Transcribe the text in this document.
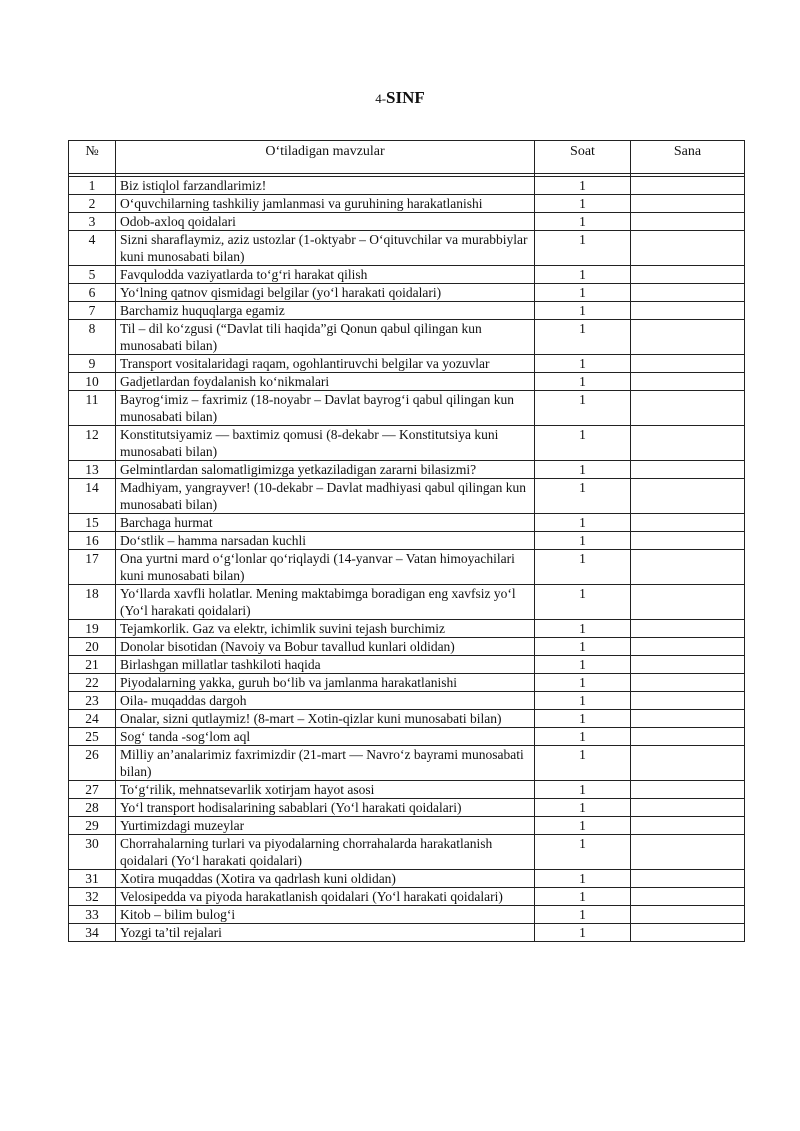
4-SINF
№	O‘tiladigan mavzular	Soat	Sana

1	Biz istiqlol farzandlarimiz!	1	
2	O‘quvchilarning tashkiliy jamlanmasi va guruhining harakatlanishi	1	
3	Odob-axloq qoidalari	1	
4	Sizni sharaflaymiz, aziz ustozlar (1-oktyabr – O‘qituvchilar va murabbiylar kuni munosabati bilan)	1	
5	Favqulodda vaziyatlarda to‘g‘ri harakat qilish	1	
6	Yo‘lning qatnov qismidagi belgilar (yo‘l harakati qoidalari)	1	
7	Barchamiz huquqlarga egamiz	1	
8	Til – dil ko‘zgusi (“Davlat tili haqida”gi Qonun qabul qilingan kun munosabati bilan)	1	
9	Transport vositalaridagi raqam, ogohlantiruvchi belgilar va yozuvlar	1	
10	Gadjetlardan foydalanish ko‘nikmalari	1	
11	Bayrog‘imiz – faxrimiz (18-noyabr – Davlat bayrog‘i qabul qilingan kun munosabati bilan)	1	
12	Konstitutsiyamiz — baxtimiz qomusi (8-dekabr — Konstitutsiya kuni munosabati bilan)	1	
13	Gelmintlardan salomatligimizga yetkaziladigan zararni bilasizmi?	1	
14	Madhiyam, yangrayver! (10-dekabr – Davlat madhiyasi qabul qilingan kun munosabati bilan)	1	
15	Barchaga hurmat	1	
16	Do‘stlik – hamma narsadan kuchli	1	
17	Ona yurtni mard o‘g‘lonlar qo‘riqlaydi (14-yanvar – Vatan himoyachilari kuni munosabati bilan)	1	
18	Yo‘llarda xavfli holatlar. Mening maktabimga boradigan eng xavfsiz yo‘l (Yo‘l harakati qoidalari)	1	
19	Tejamkorlik. Gaz va elektr, ichimlik suvini tejash burchimiz	1	
20	Donolar bisotidan (Navoiy va Bobur tavallud kunlari oldidan)	1	
21	Birlashgan millatlar tashkiloti haqida	1	
22	Piyodalarning yakka, guruh bo‘lib va jamlanma harakatlanishi	1	
23	Oila- muqaddas dargoh	1	
24	Onalar, sizni qutlaymiz! (8-mart – Xotin-qizlar kuni munosabati bilan)	1	
25	Sog‘ tanda -sog‘lom aql	1	
26	Milliy an’analarimiz faxrimizdir (21-mart — Navro‘z bayrami munosabati bilan)	1	
27	To‘g‘rilik, mehnatsevarlik xotirjam hayot asosi	1	
28	Yo‘l transport hodisalarining sabablari (Yo‘l harakati qoidalari)	1	
29	Yurtimizdagi muzeylar	1	
30	Chorrahalarning turlari va piyodalarning chorrahalarda harakatlanish qoidalari (Yo‘l harakati qoidalari)	1	
31	Xotira muqaddas (Xotira va qadrlash kuni oldidan)	1	
32	Velosipedda va piyoda harakatlanish qoidalari (Yo‘l harakati qoidalari)	1	
33	Kitob – bilim bulog‘i	1	
34	Yozgi ta’til rejalari	1	
